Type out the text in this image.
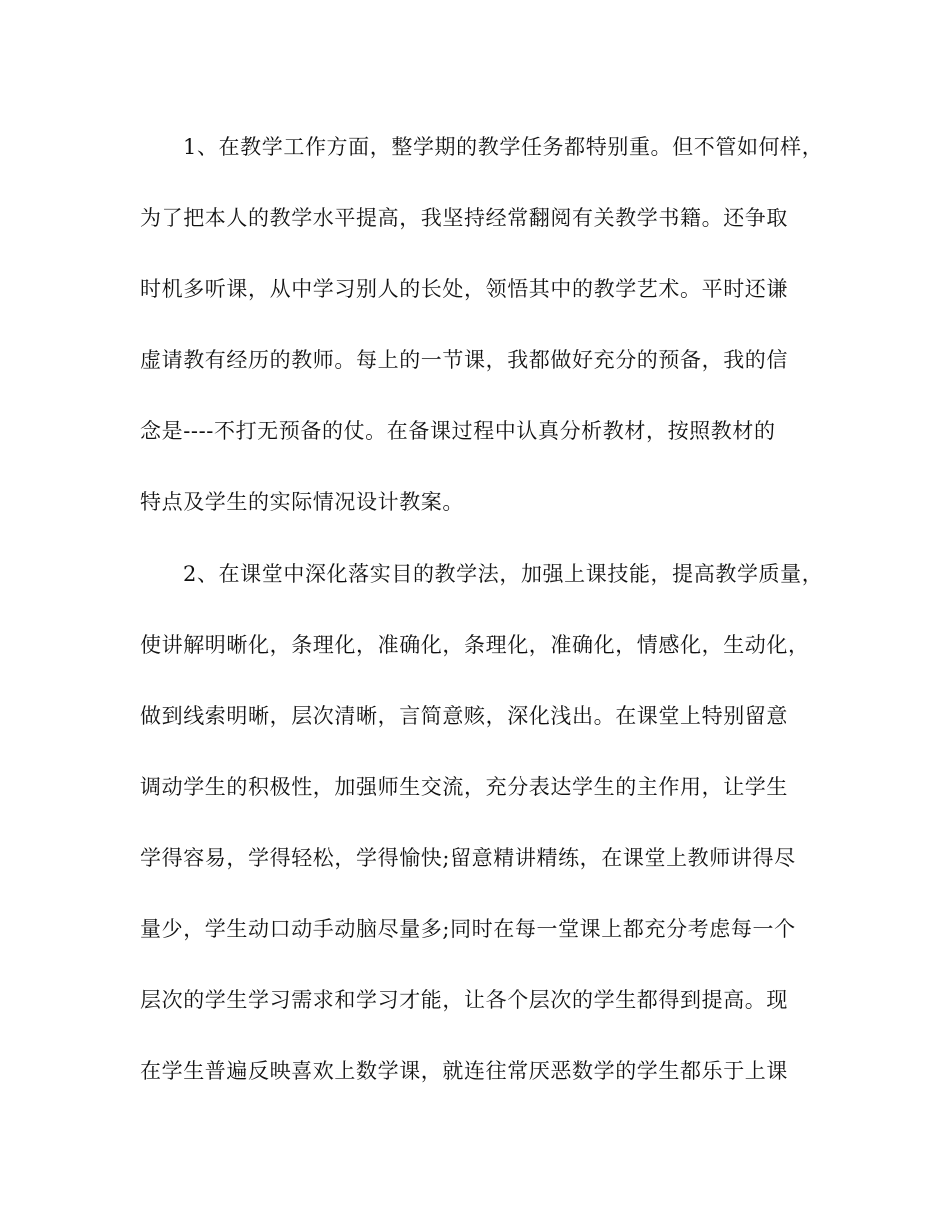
1、在教学工作方面，整学期的教学任务都特别重。但不管如何样，
为了把本人的教学水平提高，我坚持经常翻阅有关教学书籍。还争取
时机多听课，从中学习别人的长处，领悟其中的教学艺术。平时还谦
虚请教有经历的教师。每上的一节课，我都做好充分的预备，我的信
念是----不打无预备的仗。在备课过程中认真分析教材，按照教材的
特点及学生的实际情况设计教案。
2、在课堂中深化落实目的教学法，加强上课技能，提高教学质量，
使讲解明晰化，条理化，准确化，条理化，准确化，情感化，生动化，
做到线索明晰，层次清晰，言简意赅，深化浅出。在课堂上特别留意
调动学生的积极性，加强师生交流，充分表达学生的主作用，让学生
学得容易，学得轻松，学得愉快;留意精讲精练，在课堂上教师讲得尽
量少，学生动口动手动脑尽量多;同时在每一堂课上都充分考虑每一个
层次的学生学习需求和学习才能，让各个层次的学生都得到提高。现
在学生普遍反映喜欢上数学课，就连往常厌恶数学的学生都乐于上课
